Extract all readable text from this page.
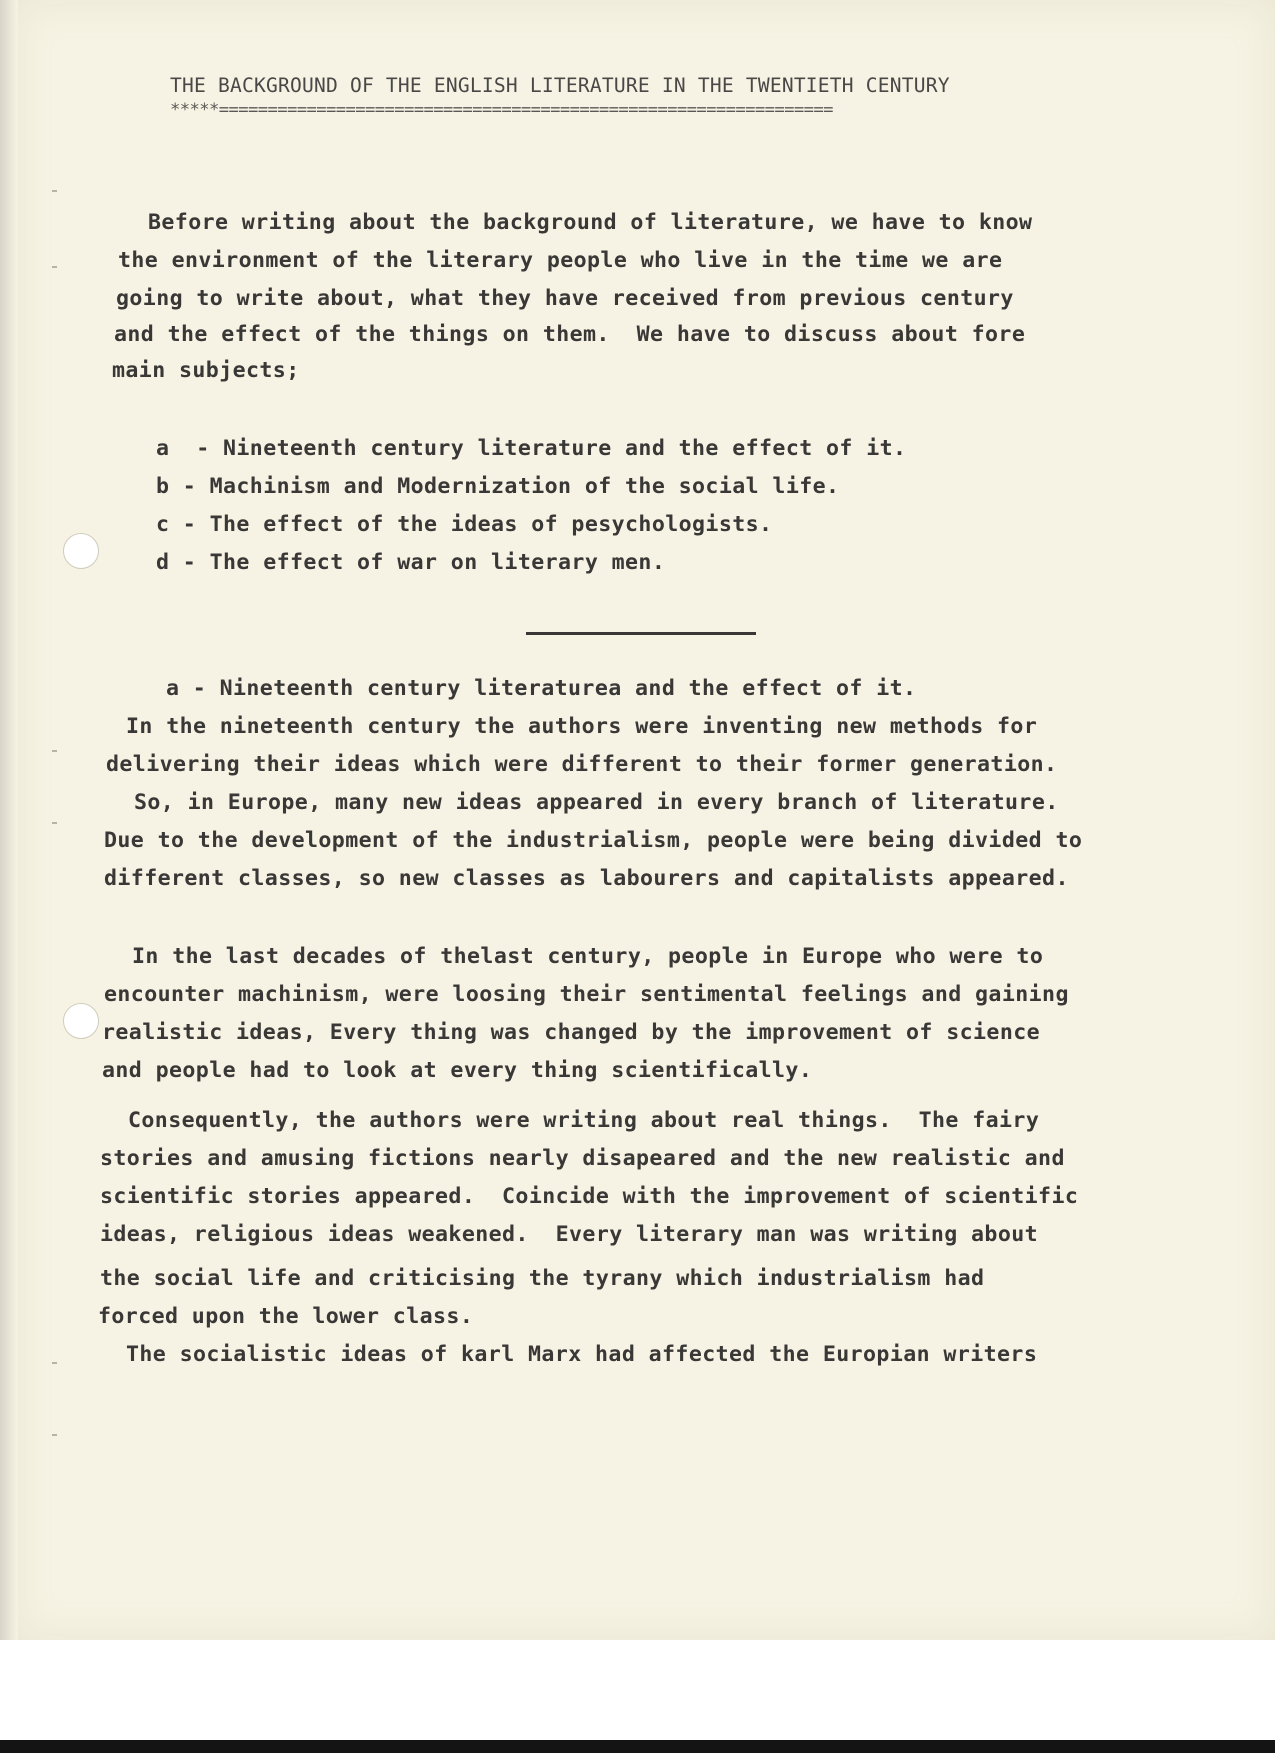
THE BACKGROUND OF THE ENGLISH LITERATURE IN THE TWENTIETH CENTURY

*****===============================================================

Before writing about the background of literature, we have to know

the environment of the literary people who live in the time we are

going to write about, what they have received from previous century

and the effect of the things on them.  We have to discuss about fore

main subjects;

a  - Nineteenth century literature and the effect of it.

b - Machinism and Modernization of the social life.

c - The effect of the ideas of pesychologists.

d - The effect of war on literary men.

a - Nineteenth century literaturea and the effect of it.

In the nineteenth century the authors were inventing new methods for

delivering their ideas which were different to their former generation.

So, in Europe, many new ideas appeared in every branch of literature.

Due to the development of the industrialism, people were being divided to

different classes, so new classes as labourers and capitalists appeared.

In the last decades of thelast century, people in Europe who were to

encounter machinism, were loosing their sentimental feelings and gaining

realistic ideas, Every thing was changed by the improvement of science

and people had to look at every thing scientifically.

Consequently, the authors were writing about real things.  The fairy

stories and amusing fictions nearly disapeared and the new realistic and

scientific stories appeared.  Coincide with the improvement of scientific

ideas, religious ideas weakened.  Every literary man was writing about

the social life and criticising the tyrany which industrialism had

forced upon the lower class.

The socialistic ideas of karl Marx had affected the Europian writers
